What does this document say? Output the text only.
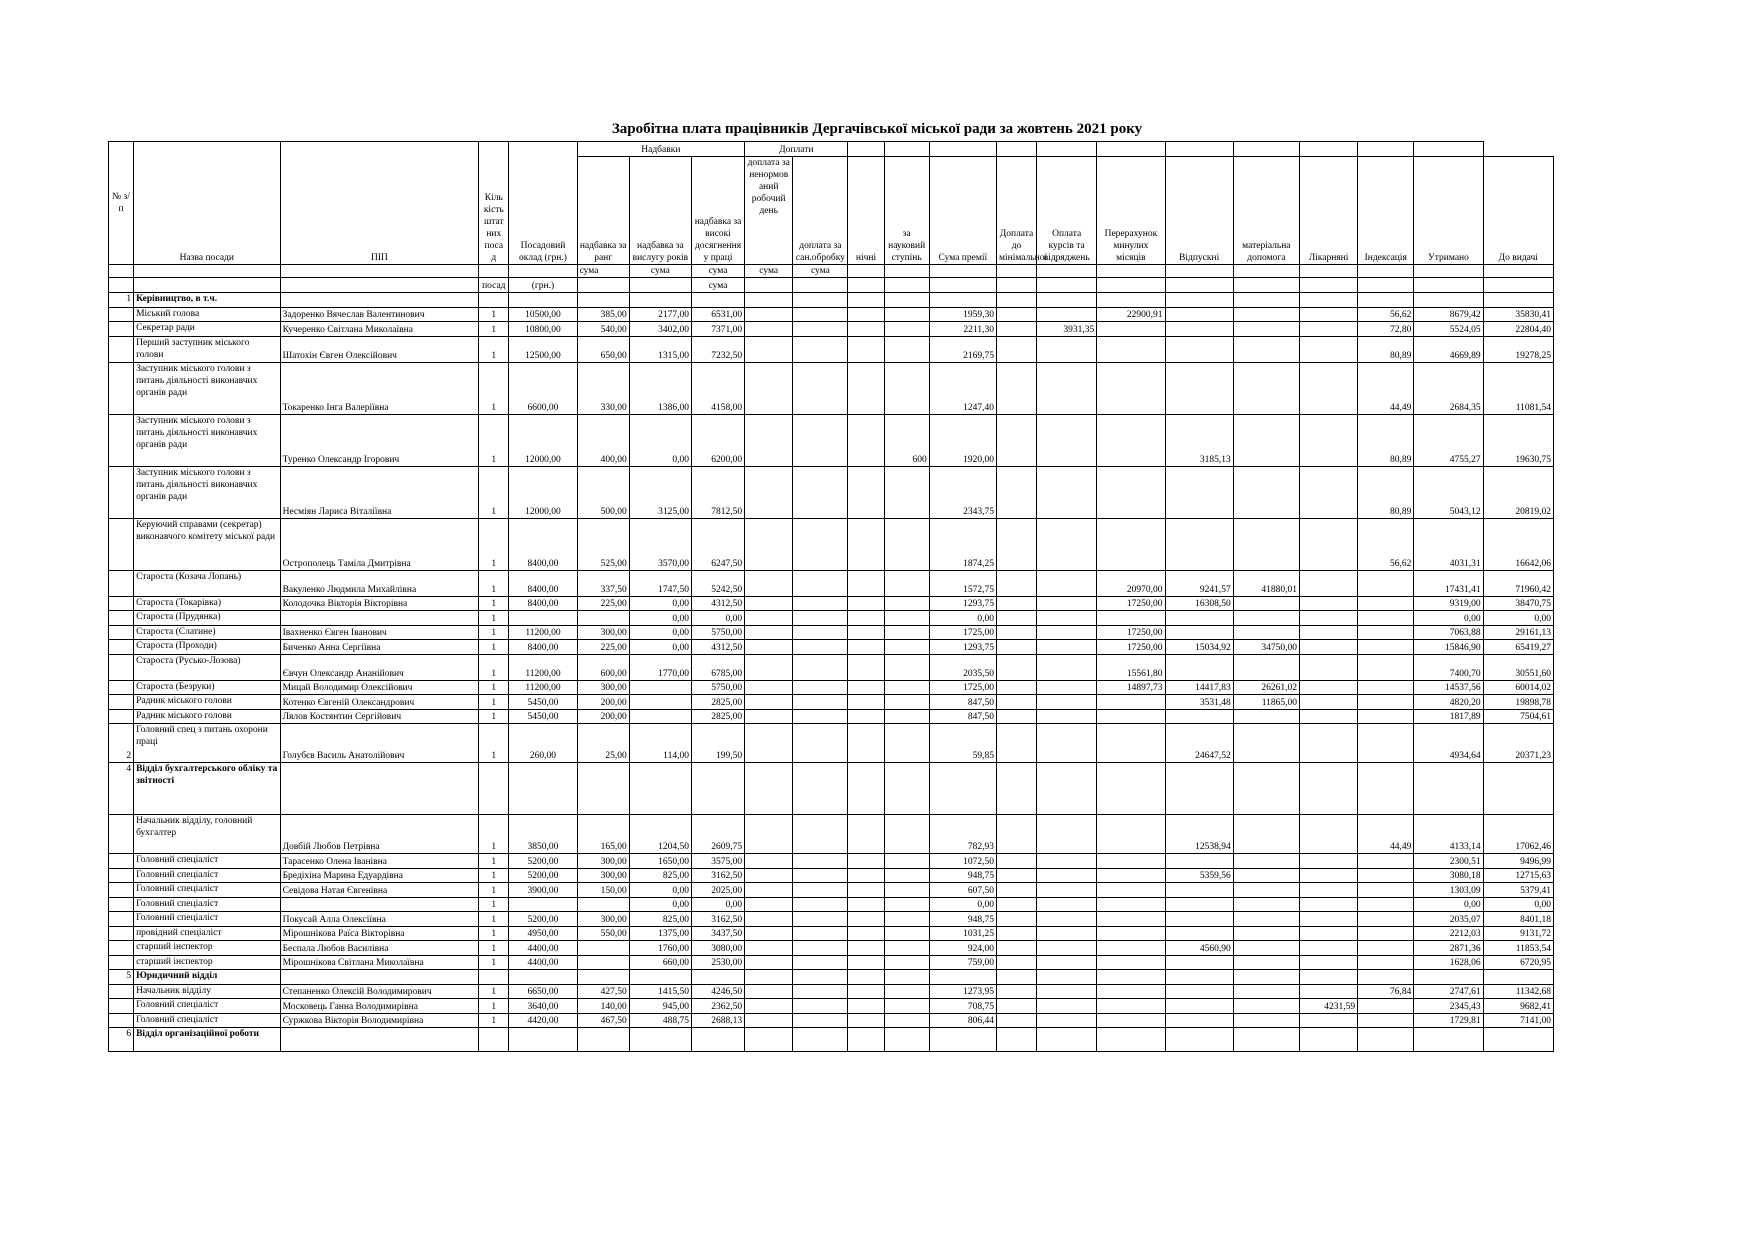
Заробітна плата працівників Дергачівської міської ради за жовтень 2021 року
№ з/п	Назва посади	ПІП	Кіль кість штат них поса д	Посадовий оклад (грн.)	Надбавки			Доплати													
					надбавка за ранг	надбавка за вислугу років	надбавка за високі досягнення у праці	доплата за ненормов аний робочий день	доплата за сан.обробку	нічні	за науковий ступінь	Сума премії	Доплата до мінімальної	Оплата курсів та відряджень	Перерахунок минулих місяців	Відпускні	матеріальна допомога	Лікарняні	Індексація	Утримано	До видачі
					сума	сума	сума	сума	сума												
			посад	(грн.)			сума														
1	Керівництво, в т.ч.																				
	Міський голова	Задоренко Вячеслав Валентинович	1	10500,00	385,00	2177,00	6531,00					1959,30			22900,91				56,62	8679,42	35830,41
	Секретар ради	Кучеренко Світлана Миколаївна	1	10800,00	540,00	3402,00	7371,00					2211,30		3931,35					72,80	5524,05	22804,40
	Перший заступник міського голови	Шатохін Євген Олексійович	1	12500,00	650,00	1315,00	7232,50					2169,75							80,89	4669,89	19278,25
	Заступник міського голови з питань діяльності виконавчих органів ради	Токаренко Інга Валеріївна	1	6600,00	330,00	1386,00	4158,00					1247,40							44,49	2684,35	11081,54
	Заступник міського голови з питань діяльності виконавчих органів ради	Туренко Олександр Ігорович	1	12000,00	400,00	0,00	6200,00				600	1920,00				3185,13			80,89	4755,27	19630,75
	Заступник міського голови з питань діяльності виконавчих органів ради	Несміян Лариса Віталіївна	1	12000,00	500,00	3125,00	7812,50					2343,75							80,89	5043,12	20819,02
	Керуючий справами (секретар) виконавчого комітету міської ради	Острополець Таміла Дмитрівна	1	8400,00	525,00	3570,00	6247,50					1874,25							56,62	4031,31	16642,06
	Староста (Козача Лопань)	Вакуленко Людмила Михайлівна	1	8400,00	337,50	1747,50	5242,50					1572,75			20970,00	9241,57	41880,01			17431,41	71960,42
	Староста (Токарівка)	Колодочка Вікторія Вікторівна	1	8400,00	225,00	0,00	4312,50					1293,75			17250,00	16308,50				9319,00	38470,75
	Староста (Прудянка)		1			0,00	0,00					0,00								0,00	0,00
	Староста (Слатине)	Івахненко Євген Іванович	1	11200,00	300,00	0,00	5750,00					1725,00			17250,00					7063,88	29161,13
	Староста (Проходи)	Биченко Анна Сергіївна	1	8400,00	225,00	0,00	4312,50					1293,75			17250,00	15034,92	34750,00			15846,90	65419,27
	Староста (Русько-Лозова)	Євчун Олександр Ананійович	1	11200,00	600,00	1770,00	6785,00					2035,50			15561,80					7400,70	30551,60
	Староста (Безруки)	Мицай Володимир Олексійович	1	11200,00	300,00		5750,00					1725,00			14897,73	14417,83	26261,02			14537,56	60014,02
	Радник міського голови	Котенко Євгеній Олександрович	1	5450,00	200,00		2825,00					847,50				3531,48	11865,00			4820,20	19898,78
	Радник міського голови	Лялов Костянтин Сергійович	1	5450,00	200,00		2825,00					847,50								1817,89	7504,61
2	Головний спец з питань охорони праці	Голубєв Василь Анатолійович	1	260,00	25,00	114,00	199,50					59,85				24647,52				4934,64	20371,23
4	Відділ бухгалтерського обліку та звітності																				
	Начальник відділу, головний бухгалтер	Довбій Любов Петрівна	1	3850,00	165,00	1204,50	2609,75					782,93				12538,94			44,49	4133,14	17062,46
	Головний спеціаліст	Тарасенко Олена Іванівна	1	5200,00	300,00	1650,00	3575,00					1072,50								2300,51	9496,99
	Головний спеціаліст	Бредіхіна Марина Едуардівна	1	5200,00	300,00	825,00	3162,50					948,75				5359,56				3080,18	12715,63
	Головний спеціаліст	Севідова Натая Євгенівна	1	3900,00	150,00	0,00	2025,00					607,50								1303,09	5379,41
	Головний спеціаліст		1			0,00	0,00					0,00								0,00	0,00
	Головний спеціаліст	Покусай Алла Олексіївна	1	5200,00	300,00	825,00	3162,50					948,75								2035,07	8401,18
	провідний спеціаліст	Мірошнікова Раїса Вікторівна	1	4950,00	550,00	1375,00	3437,50					1031,25								2212,03	9131,72
	старший інспектор	Беспала Любов Василівна	1	4400,00		1760,00	3080,00					924,00				4560,90				2871,36	11853,54
	старший інспектор	Мірошнікова Світлана Миколаївна	1	4400,00		660,00	2530,00					759,00								1628,06	6720,95
5	Юридичний відділ																				
	Начальник відділу	Степаненко Олексій Володимирович	1	6650,00	427,50	1415,50	4246,50					1273,95							76,84	2747,61	11342,68
	Головний спеціаліст	Московець Ганна Володимирівна	1	3640,00	140,00	945,00	2362,50					708,75						4231,59		2345,43	9682,41
	Головний спеціаліст	Суржкова Вікторія Володимирівна	1	4420,00	467,50	488,75	2688,13					806,44								1729,81	7141,00
6	Відділ організаційної роботи																				
